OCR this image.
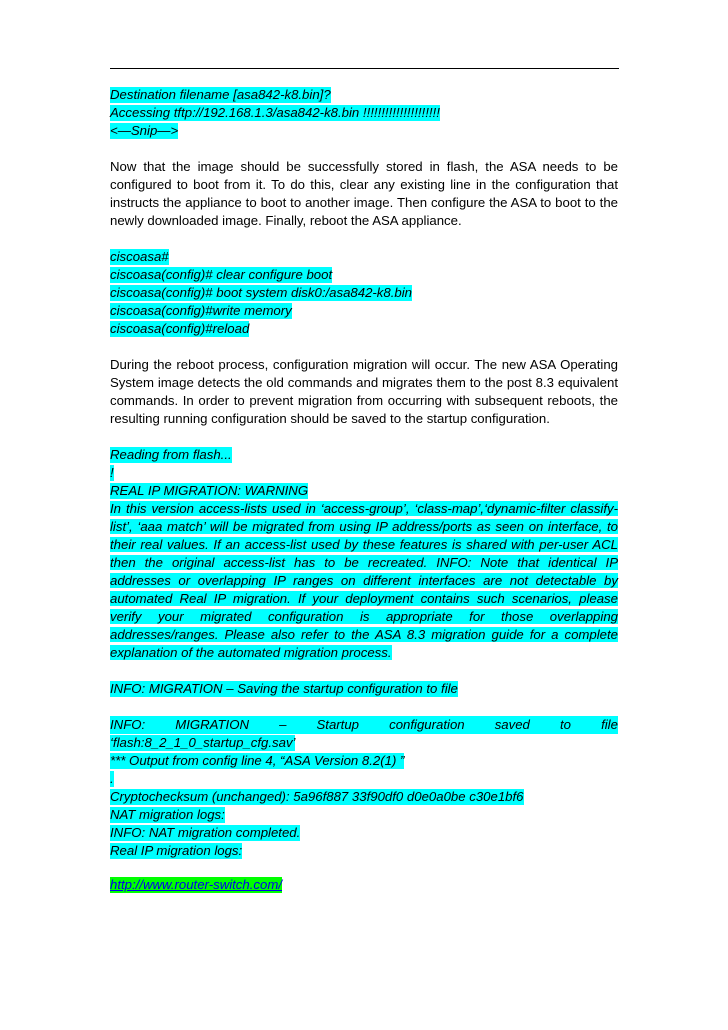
Destination filename [asa842-k8.bin]?

Accessing tftp://192.168.1.3/asa842-k8.bin !!!!!!!!!!!!!!!!!!!!!

<—Snip—>

Now that the image should be successfully stored in flash, the ASA needs to be configured to boot from it. To do this, clear any existing line in the configuration that instructs the appliance to boot to another image. Then configure the ASA to boot to the newly downloaded image. Finally, reboot the ASA appliance.

ciscoasa#

ciscoasa(config)# clear configure boot

ciscoasa(config)# boot system disk0:/asa842-k8.bin

ciscoasa(config)#write memory

ciscoasa(config)#reload

During the reboot process, configuration migration will occur. The new ASA Operating System image detects the old commands and migrates them to the post 8.3 equivalent commands. In order to prevent migration from occurring with subsequent reboots, the resulting running configuration should be saved to the startup configuration.

Reading from flash...

!

REAL IP MIGRATION: WARNING

In this version access-lists used in ‘access-group’, ‘class-map’,‘dynamic-filter classify-list’, ‘aaa match’ will be migrated from using IP address/ports as seen on interface, to their real values. If an access-list used by these features is shared with per-user ACL then the original access-list has to be recreated. INFO: Note that identical IP addresses or overlapping IP ranges on different interfaces are not detectable by automated Real IP migration. If your deployment contains such scenarios, please verify your migrated configuration is appropriate for those overlapping addresses/ranges. Please also refer to the ASA 8.3 migration guide for a complete explanation of the automated migration process.

INFO: MIGRATION – Saving the startup configuration to file

INFO: MIGRATION – Startup configuration saved to file

‘flash:8_2_1_0_startup_cfg.sav’

*** Output from config line 4, “ASA Version 8.2(1) ”

.

Cryptochecksum (unchanged): 5a96f887 33f90df0 d0e0a0be c30e1bf6

NAT migration logs:

INFO: NAT migration completed.

Real IP migration logs:

http://www.router-switch.com/
